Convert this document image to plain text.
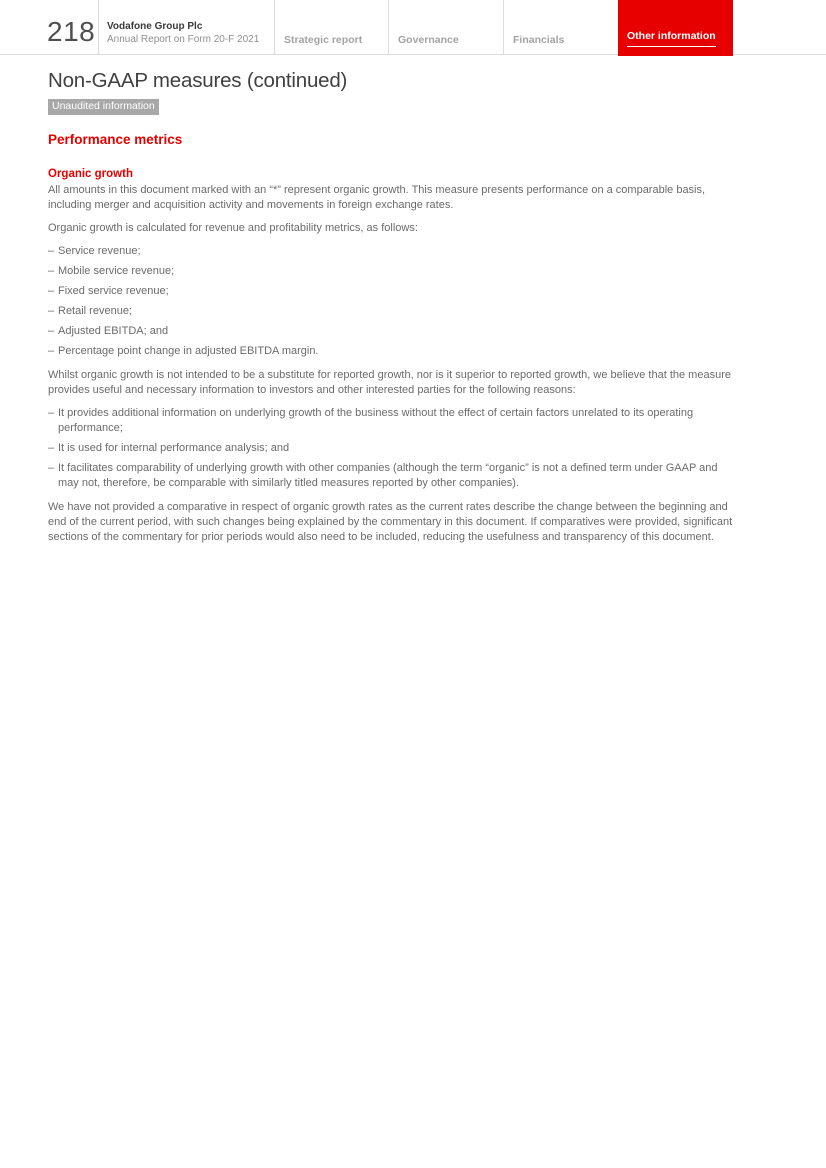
218 Vodafone Group Plc
Annual Report on Form 20-F 2021 Strategic report	Governance	Financials	Other information
Non-GAAP measures (continued)
Unaudited information
Performance metrics
Organic growth

All amounts in this document marked with an “*” represent organic growth. This measure presents performance on a comparable basis, including merger and acquisition activity and movements in foreign exchange rates.

Organic growth is calculated for revenue and profitability metrics, as follows:

– Service revenue;
– Mobile service revenue;
– Fixed service revenue;
– Retail revenue;
– Adjusted EBITDA; and
– Percentage point change in adjusted EBITDA margin.

Whilst organic growth is not intended to be a substitute for reported growth, nor is it superior to reported growth, we believe that the measure provides useful and necessary information to investors and other interested parties for the following reasons:

– It provides additional information on underlying growth of the business without the effect of certain factors unrelated to its operating performance;
– It is used for internal performance analysis; and
– It facilitates comparability of underlying growth with other companies (although the term “organic” is not a defined term under GAAP and may not, therefore, be comparable with similarly titled measures reported by other companies).

We have not provided a comparative in respect of organic growth rates as the current rates describe the change between the beginning and end of the current period, with such changes being explained by the commentary in this document. If comparatives were provided, significant sections of the commentary for prior periods would also need to be included, reducing the usefulness and transparency of this document.
